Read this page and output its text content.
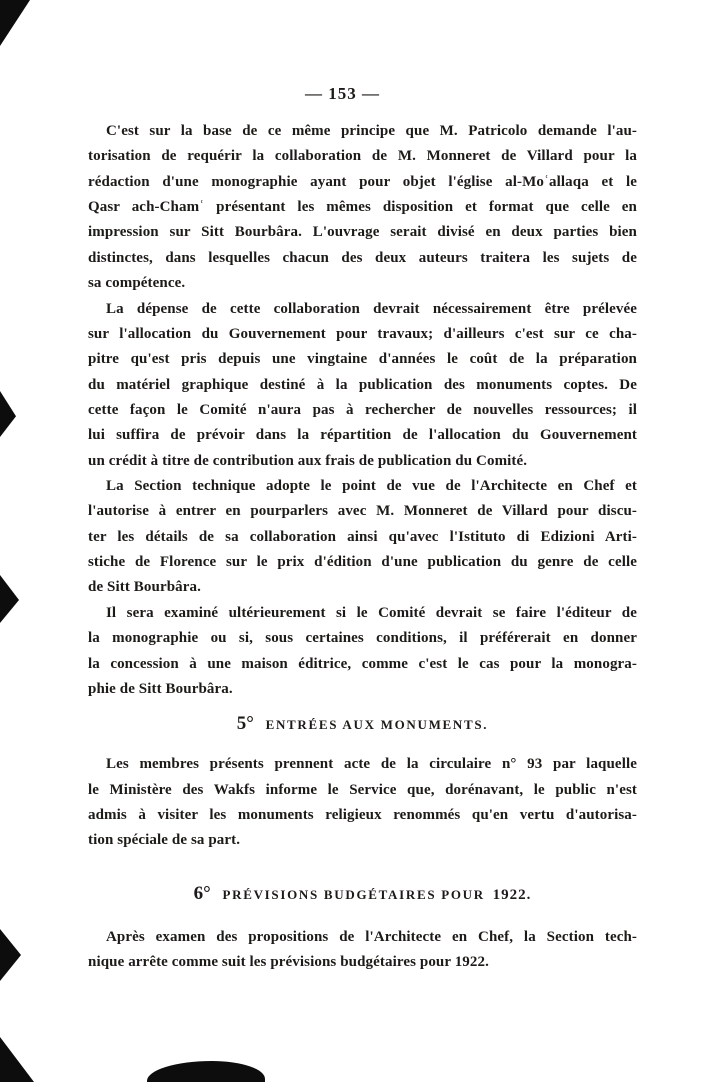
— 153 —
C'est sur la base de ce même principe que M. Patricolo demande l'au-
torisation de requérir la collaboration de M. Monneret de Villard pour la
rédaction d'une monographie ayant pour objet l'église al-Moʿallaqa et le
Qasr ach-Chamʿ présentant les mêmes disposition et format que celle en
impression sur Sitt Bourbâra. L'ouvrage serait divisé en deux parties bien
distinctes, dans lesquelles chacun des deux auteurs traitera les sujets de
sa compétence.
La dépense de cette collaboration devrait nécessairement être prélevée
sur l'allocation du Gouvernement pour travaux; d'ailleurs c'est sur ce cha-
pitre qu'est pris depuis une vingtaine d'années le coût de la préparation
du matériel graphique destiné à la publication des monuments coptes. De
cette façon le Comité n'aura pas à rechercher de nouvelles ressources; il
lui suffira de prévoir dans la répartition de l'allocation du Gouvernement
un crédit à titre de contribution aux frais de publication du Comité.
La Section technique adopte le point de vue de l'Architecte en Chef et
l'autorise à entrer en pourparlers avec M. Monneret de Villard pour discu-
ter les détails de sa collaboration ainsi qu'avec l'Istituto di Edizioni Arti-
stiche de Florence sur le prix d'édition d'une publication du genre de celle
de Sitt Bourbâra.
Il sera examiné ultérieurement si le Comité devrait se faire l'éditeur de
la monographie ou si, sous certaines conditions, il préférerait en donner
la concession à une maison éditrice, comme c'est le cas pour la monogra-
phie de Sitt Bourbâra.
5° ENTRÉES AUX MONUMENTS.
Les membres présents prennent acte de la circulaire n° 93 par laquelle
le Ministère des Wakfs informe le Service que, dorénavant, le public n'est
admis à visiter les monuments religieux renommés qu'en vertu d'autorisa-
tion spéciale de sa part.
6° PRÉVISIONS BUDGÉTAIRES POUR 1922.
Après examen des propositions de l'Architecte en Chef, la Section tech-
nique arrête comme suit les prévisions budgétaires pour 1922.
